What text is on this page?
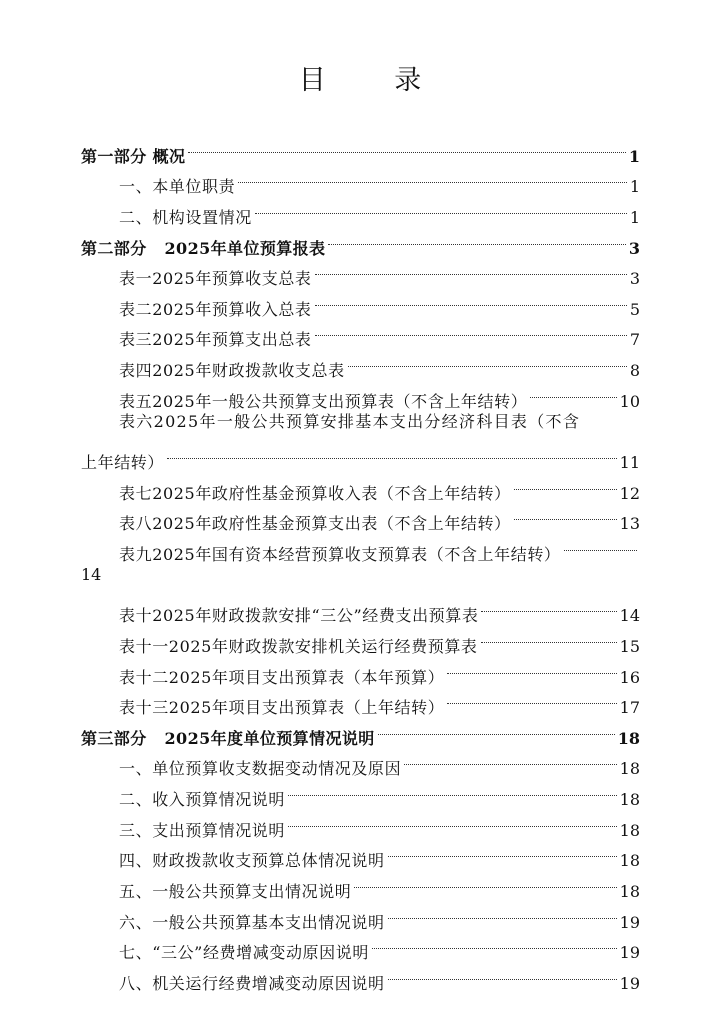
目 录
第一部分 概况	1
一、本单位职责	1
二、机构设置情况	1
第二部分   2025年单位预算报表	3
表一2025年预算收支总表	3
表二2025年预算收入总表	5
表三2025年预算支出总表	7
表四2025年财政拨款收支总表	8
表五2025年一般公共预算支出预算表（不含上年结转）	10
表六2025年一般公共预算安排基本支出分经济科目表（不含
上年结转）	11
表七2025年政府性基金预算收入表（不含上年结转）	12
表八2025年政府性基金预算支出表（不含上年结转）	13
表九2025年国有资本经营预算收支预算表（不含上年结转）
14
表十2025年财政拨款安排“三公”经费支出预算表	14
表十一2025年财政拨款安排机关运行经费预算表	15
表十二2025年项目支出预算表（本年预算）	16
表十三2025年项目支出预算表（上年结转）	17
第三部分   2025年度单位预算情况说明	18
一、单位预算收支数据变动情况及原因	18
二、收入预算情况说明	18
三、支出预算情况说明	18
四、财政拨款收支预算总体情况说明	18
五、一般公共预算支出情况说明	18
六、一般公共预算基本支出情况说明	19
七、“三公”经费增减变动原因说明	19
八、机关运行经费增减变动原因说明	19
